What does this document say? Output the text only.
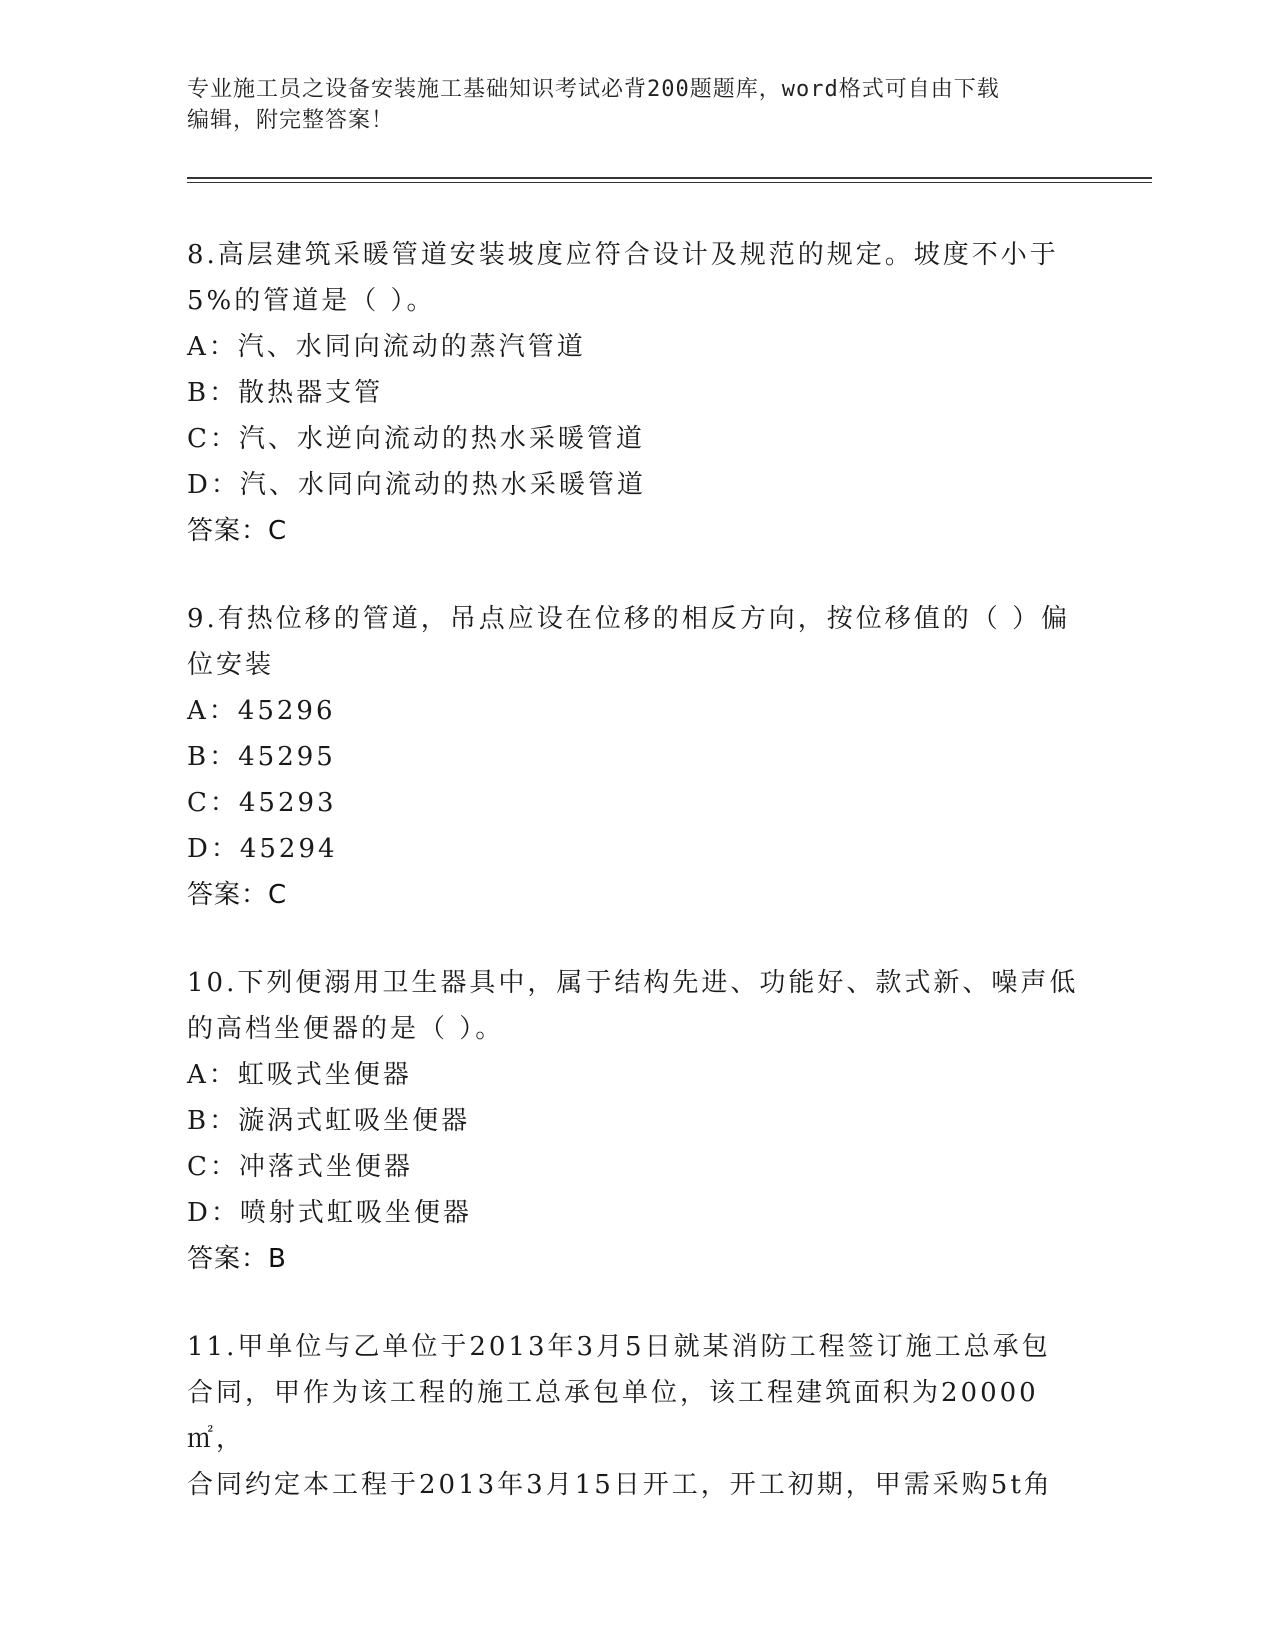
专业施工员之设备安装施工基础知识考试必背200题题库，word格式可自由下载
编辑，附完整答案！
8.高层建筑采暖管道安装坡度应符合设计及规范的规定。坡度不小于
5%的管道是（ ）。
A：汽、水同向流动的蒸汽管道
B：散热器支管
C：汽、水逆向流动的热水采暖管道
D：汽、水同向流动的热水采暖管道
答案：C
9.有热位移的管道，吊点应设在位移的相反方向，按位移值的（ ）偏
位安装
A：45296
B：45295
C：45293
D：45294
答案：C
10.下列便溺用卫生器具中，属于结构先进、功能好、款式新、噪声低
的高档坐便器的是（ ）。
A：虹吸式坐便器
B：漩涡式虹吸坐便器
C：冲落式坐便器
D：喷射式虹吸坐便器
答案：B
11.甲单位与乙单位于2013年3月5日就某消防工程签订施工总承包
合同，甲作为该工程的施工总承包单位，该工程建筑面积为20000㎡，
合同约定本工程于2013年3月15日开工，开工初期，甲需采购5t角
